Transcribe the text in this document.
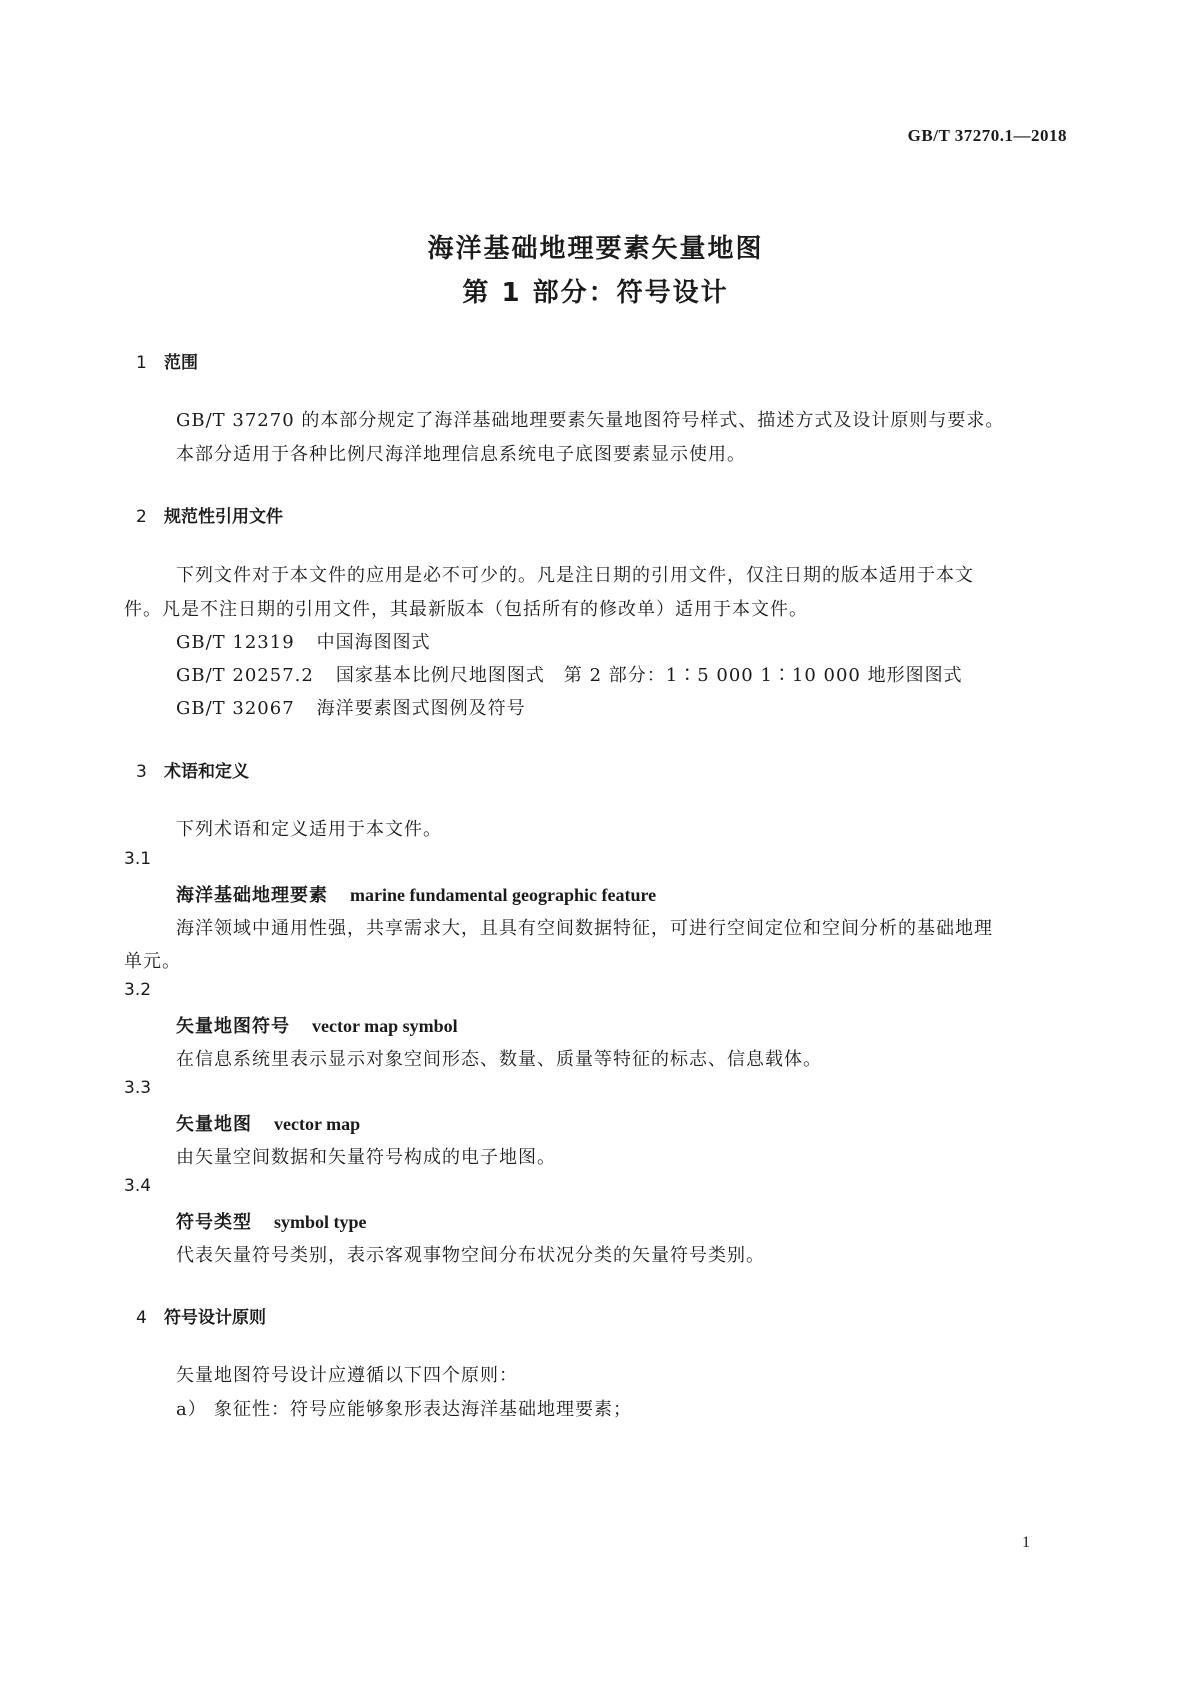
GB/T 37270.1—2018
海洋基础地理要素矢量地图
第 1 部分：符号设计
1 范围
GB/T 37270 的本部分规定了海洋基础地理要素矢量地图符号样式、描述方式及设计原则与要求。
本部分适用于各种比例尺海洋地理信息系统电子底图要素显示使用。
2 规范性引用文件
下列文件对于本文件的应用是必不可少的。凡是注日期的引用文件，仅注日期的版本适用于本文
件。凡是不注日期的引用文件，其最新版本（包括所有的修改单）适用于本文件。
GB/T 12319 中国海图图式
GB/T 20257.2 国家基本比例尺地图图式　第 2 部分：1∶5 000 1∶10 000 地形图图式
GB/T 32067 海洋要素图式图例及符号
3 术语和定义
下列术语和定义适用于本文件。
3.1
海洋基础地理要素 marine fundamental geographic feature
海洋领域中通用性强，共享需求大，且具有空间数据特征，可进行空间定位和空间分析的基础地理
单元。
3.2
矢量地图符号 vector map symbol
在信息系统里表示显示对象空间形态、数量、质量等特征的标志、信息载体。
3.3
矢量地图 vector map
由矢量空间数据和矢量符号构成的电子地图。
3.4
符号类型 symbol type
代表矢量符号类别，表示客观事物空间分布状况分类的矢量符号类别。
4 符号设计原则
矢量地图符号设计应遵循以下四个原则：
a） 象征性：符号应能够象形表达海洋基础地理要素；
1
